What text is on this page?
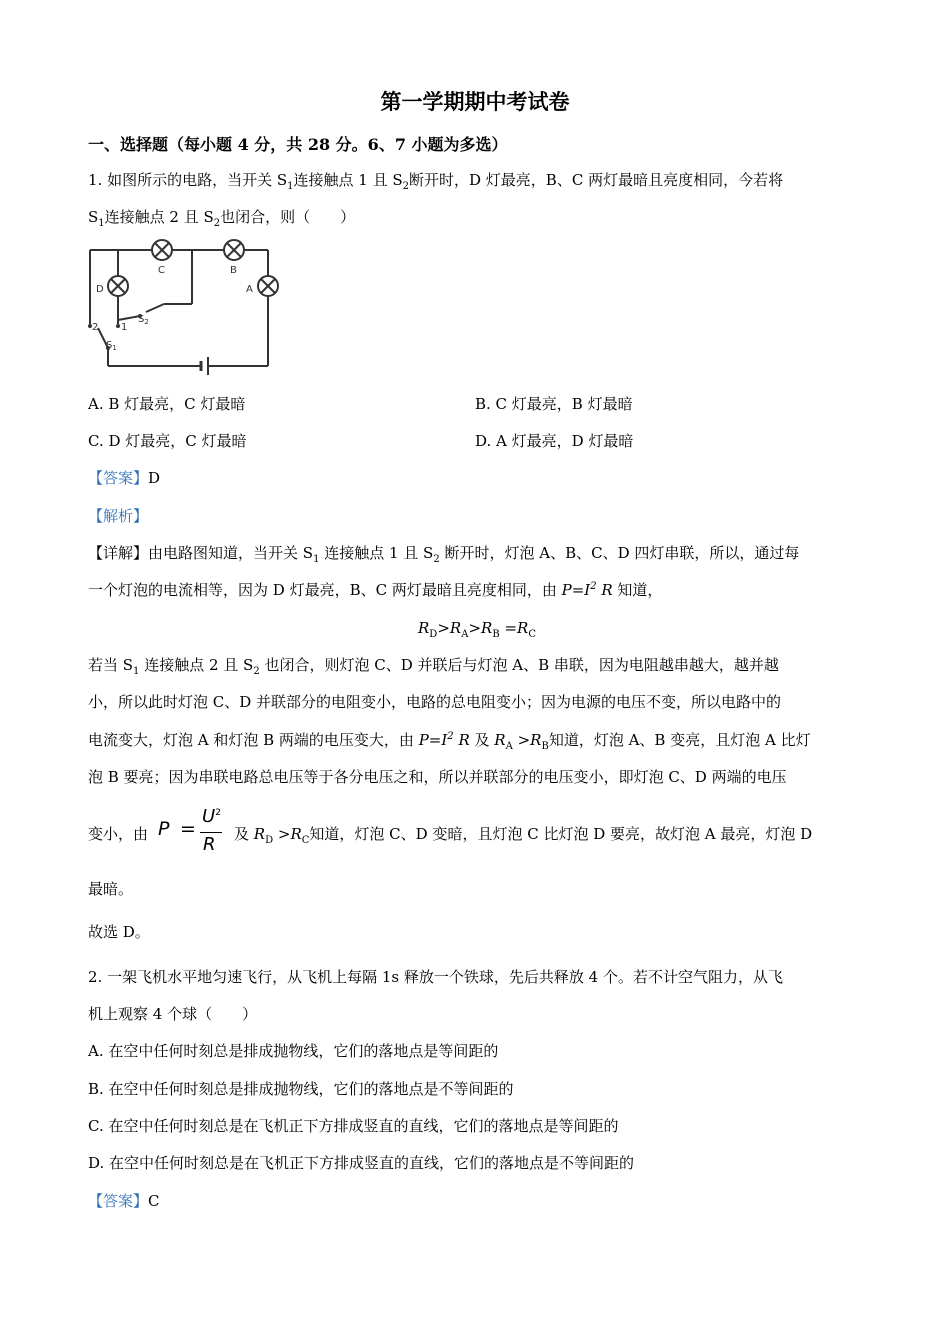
第一学期期中考试卷
一、选择题（每小题 4 分，共 28 分。6、7 小题为多选）
1. 如图所示的电路，当开关 $S_1$连接触点 1 且 $S_2$断开时，D 灯最亮，B、C 两灯最暗且亮度相同，今若将
$S_1$连接触点 2 且 $S_2$也闭合，则（　　）
C	B
A
D
$S_2$
$S_1$
2 1
A. B 灯最亮，C 灯最暗	B. C 灯最亮，B 灯最暗
C. D 灯最亮，C 灯最暗	D. A 灯最亮，D 灯最暗
【答案】D
【解析】
【详解】由电路图知道，当开关 $S_1$ 连接触点 1 且 $S_2$ 断开时，灯泡 A、B、C、D 四灯串联，所以，通过每
一个灯泡的电流相等，因为 D 灯最亮，B、C 两灯最暗且亮度相同，由 $P=I^2$ R 知道，
$R_D>R_A>R_B =R_C$
若当 $S_1$ 连接触点 2 且 $S_2$ 也闭合，则灯泡 C、D 并联后与灯泡 A、B 串联，因为电阻越串越大，越并越
小，所以此时灯泡 C、D 并联部分的电阻变小，电路的总电阻变小；因为电源的电压不变，所以电路中的
电流变大，灯泡 A 和灯泡 B 两端的电压变大，由 $P=I^2$ R 及 $R_A >R_B$知道，灯泡 A、B 变亮，且灯泡 A 比灯
泡 B 要亮；因为串联电路总电压等于各分电压之和，所以并联部分的电压变小，即灯泡 C、D 两端的电压
变小，由 P =
$U^2$
R 及 $R_D >R_C$知道，灯泡 C、D 变暗，且灯泡 C 比灯泡 D 要亮，故灯泡 A 最亮，灯泡 D
最暗。
故选 D。
2. 一架飞机水平地匀速飞行，从飞机上每隔 1s 释放一个铁球，先后共释放 4 个。若不计空气阻力，从飞
机上观察 4 个球（　　）
A. 在空中任何时刻总是排成抛物线，它们的落地点是等间距的
B. 在空中任何时刻总是排成抛物线，它们的落地点是不等间距的
C. 在空中任何时刻总是在飞机正下方排成竖直的直线，它们的落地点是等间距的
D. 在空中任何时刻总是在飞机正下方排成竖直的直线，它们的落地点是不等间距的
【答案】C
